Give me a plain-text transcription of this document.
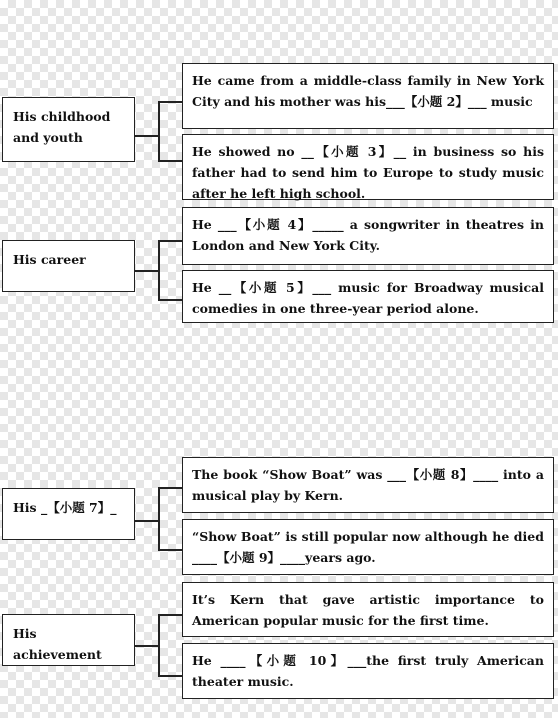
His childhood
and youth
He came from a middle-class family in New York City and his mother was his___【小题 2】___ music
He showed no __【小题 3】__ in business so his father had to send him to Europe to study music after he left high school.
His career
He ___【小题 4】_____ a songwriter in theatres in London and New York City.
He __【小题 5】___ music for Broadway musical comedies in one three-year period alone.
His _【小题 7】_
The book “Show Boat” was ___【小题 8】____ into a musical play by Kern.
“Show Boat” is still popular now although he died ____【小题 9】____years ago.
His achievement
It’s Kern that gave artistic importance to American popular music for the first time.
He ____【小题 10】___the first truly American theater music.
